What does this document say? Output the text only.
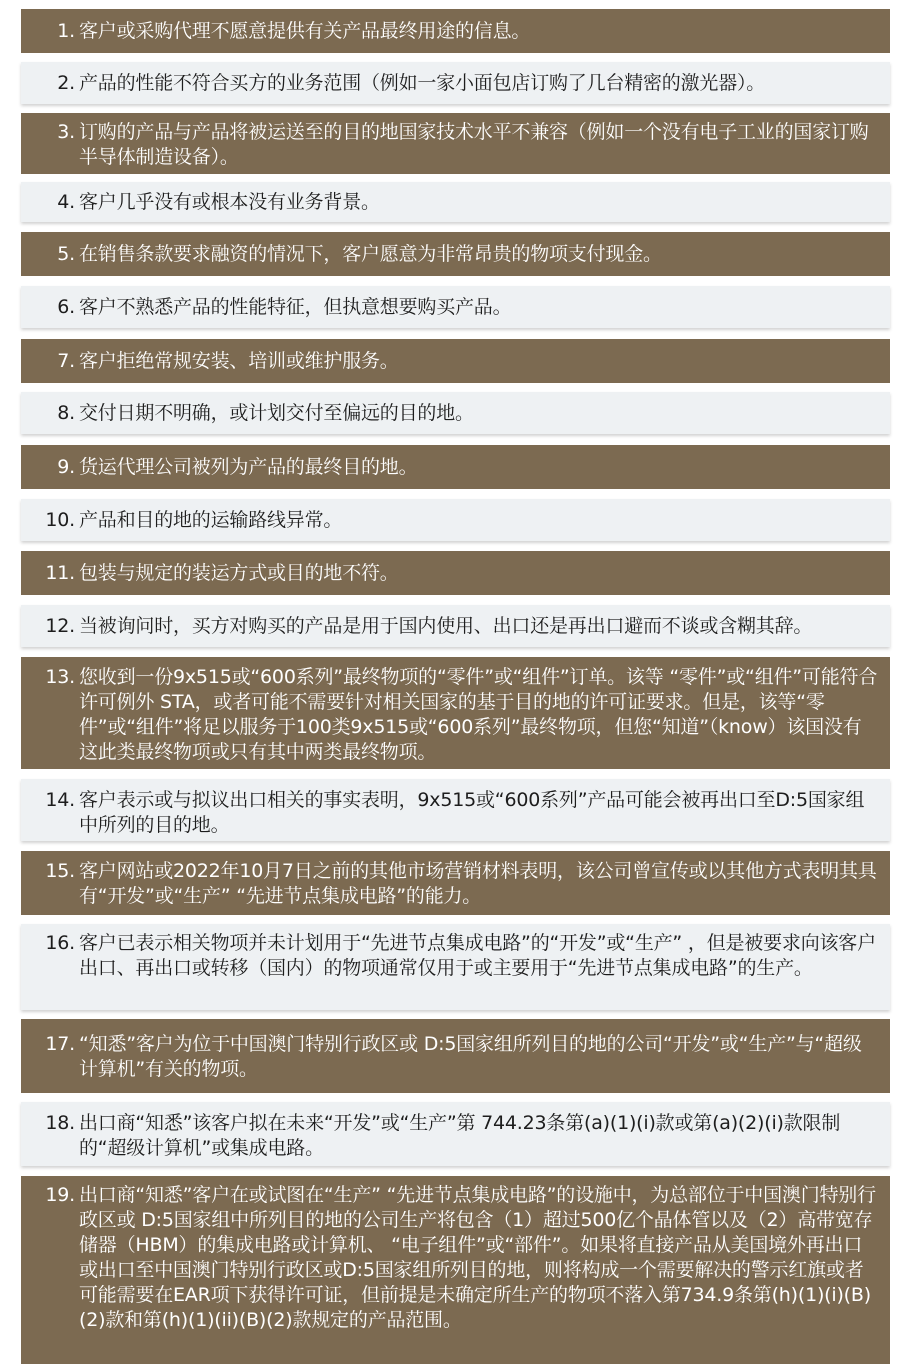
1. 客户或采购代理不愿意提供有关产品最终用途的信息。
2. 产品的性能不符合买方的业务范围（例如一家小面包店订购了几台精密的激光器）。
3. 订购的产品与产品将被运送至的目的地国家技术水平不兼容（例如一个没有电子工业的国家订购半导体制造设备）。
4. 客户几乎没有或根本没有业务背景。
5. 在销售条款要求融资的情况下，客户愿意为非常昂贵的物项支付现金。
6. 客户不熟悉产品的性能特征，但执意想要购买产品。
7. 客户拒绝常规安装、培训或维护服务。
8. 交付日期不明确，或计划交付至偏远的目的地。
9. 货运代理公司被列为产品的最终目的地。
10. 产品和目的地的运输路线异常。
11. 包装与规定的装运方式或目的地不符。
12. 当被询问时，买方对购买的产品是用于国内使用、出口还是再出口避而不谈或含糊其辞。
13. 您收到一份9x515或“600系列”最终物项的“零件”或“组件”订单。该等 “零件”或“组件”可能符合许可例外 STA，或者可能不需要针对相关国家的基于目的地的许可证要求。但是，该等“零件”或“组件”将足以服务于100类9x515或“600系列”最终物项，但您“知道”（know）该国没有这此类最终物项或只有其中两类最终物项。
14. 客户表示或与拟议出口相关的事实表明，9x515或“600系列”产品可能会被再出口至D:5国家组中所列的目的地。
15. 客户网站或2022年10月7日之前的其他市场营销材料表明，该公司曾宣传或以其他方式表明其具有“开发”或“生产” “先进节点集成电路”的能力。
16. 客户已表示相关物项并未计划用于“先进节点集成电路”的“开发”或“生产” ，但是被要求向该客户出口、再出口或转移（国内）的物项通常仅用于或主要用于“先进节点集成电路”的生产。
17. “知悉”客户为位于中国澳门特别行政区或 D:5国家组所列目的地的公司“开发”或“生产”与“超级计算机”有关的物项。
18. 出口商“知悉”该客户拟在未来“开发”或“生产”第 744.23条第(a)(1)(i)款或第(a)(2)(i)款限制的“超级计算机”或集成电路。
19. 出口商“知悉”客户在或试图在“生产” “先进节点集成电路”的设施中，为总部位于中国澳门特别行政区或 D:5国家组中所列目的地的公司生产将包含（1）超过500亿个晶体管以及（2）高带宽存储器（HBM）的集成电路或计算机、 “电子组件”或“部件”。如果将直接产品从美国境外再出口或出口至中国澳门特别行政区或D:5国家组所列目的地，则将构成一个需要解决的警示红旗或者可能需要在EAR项下获得许可证，但前提是未确定所生产的物项不落入第734.9条第(h)(1)(i)(B)(2)款和第(h)(1)(ii)(B)(2)款规定的产品范围。
